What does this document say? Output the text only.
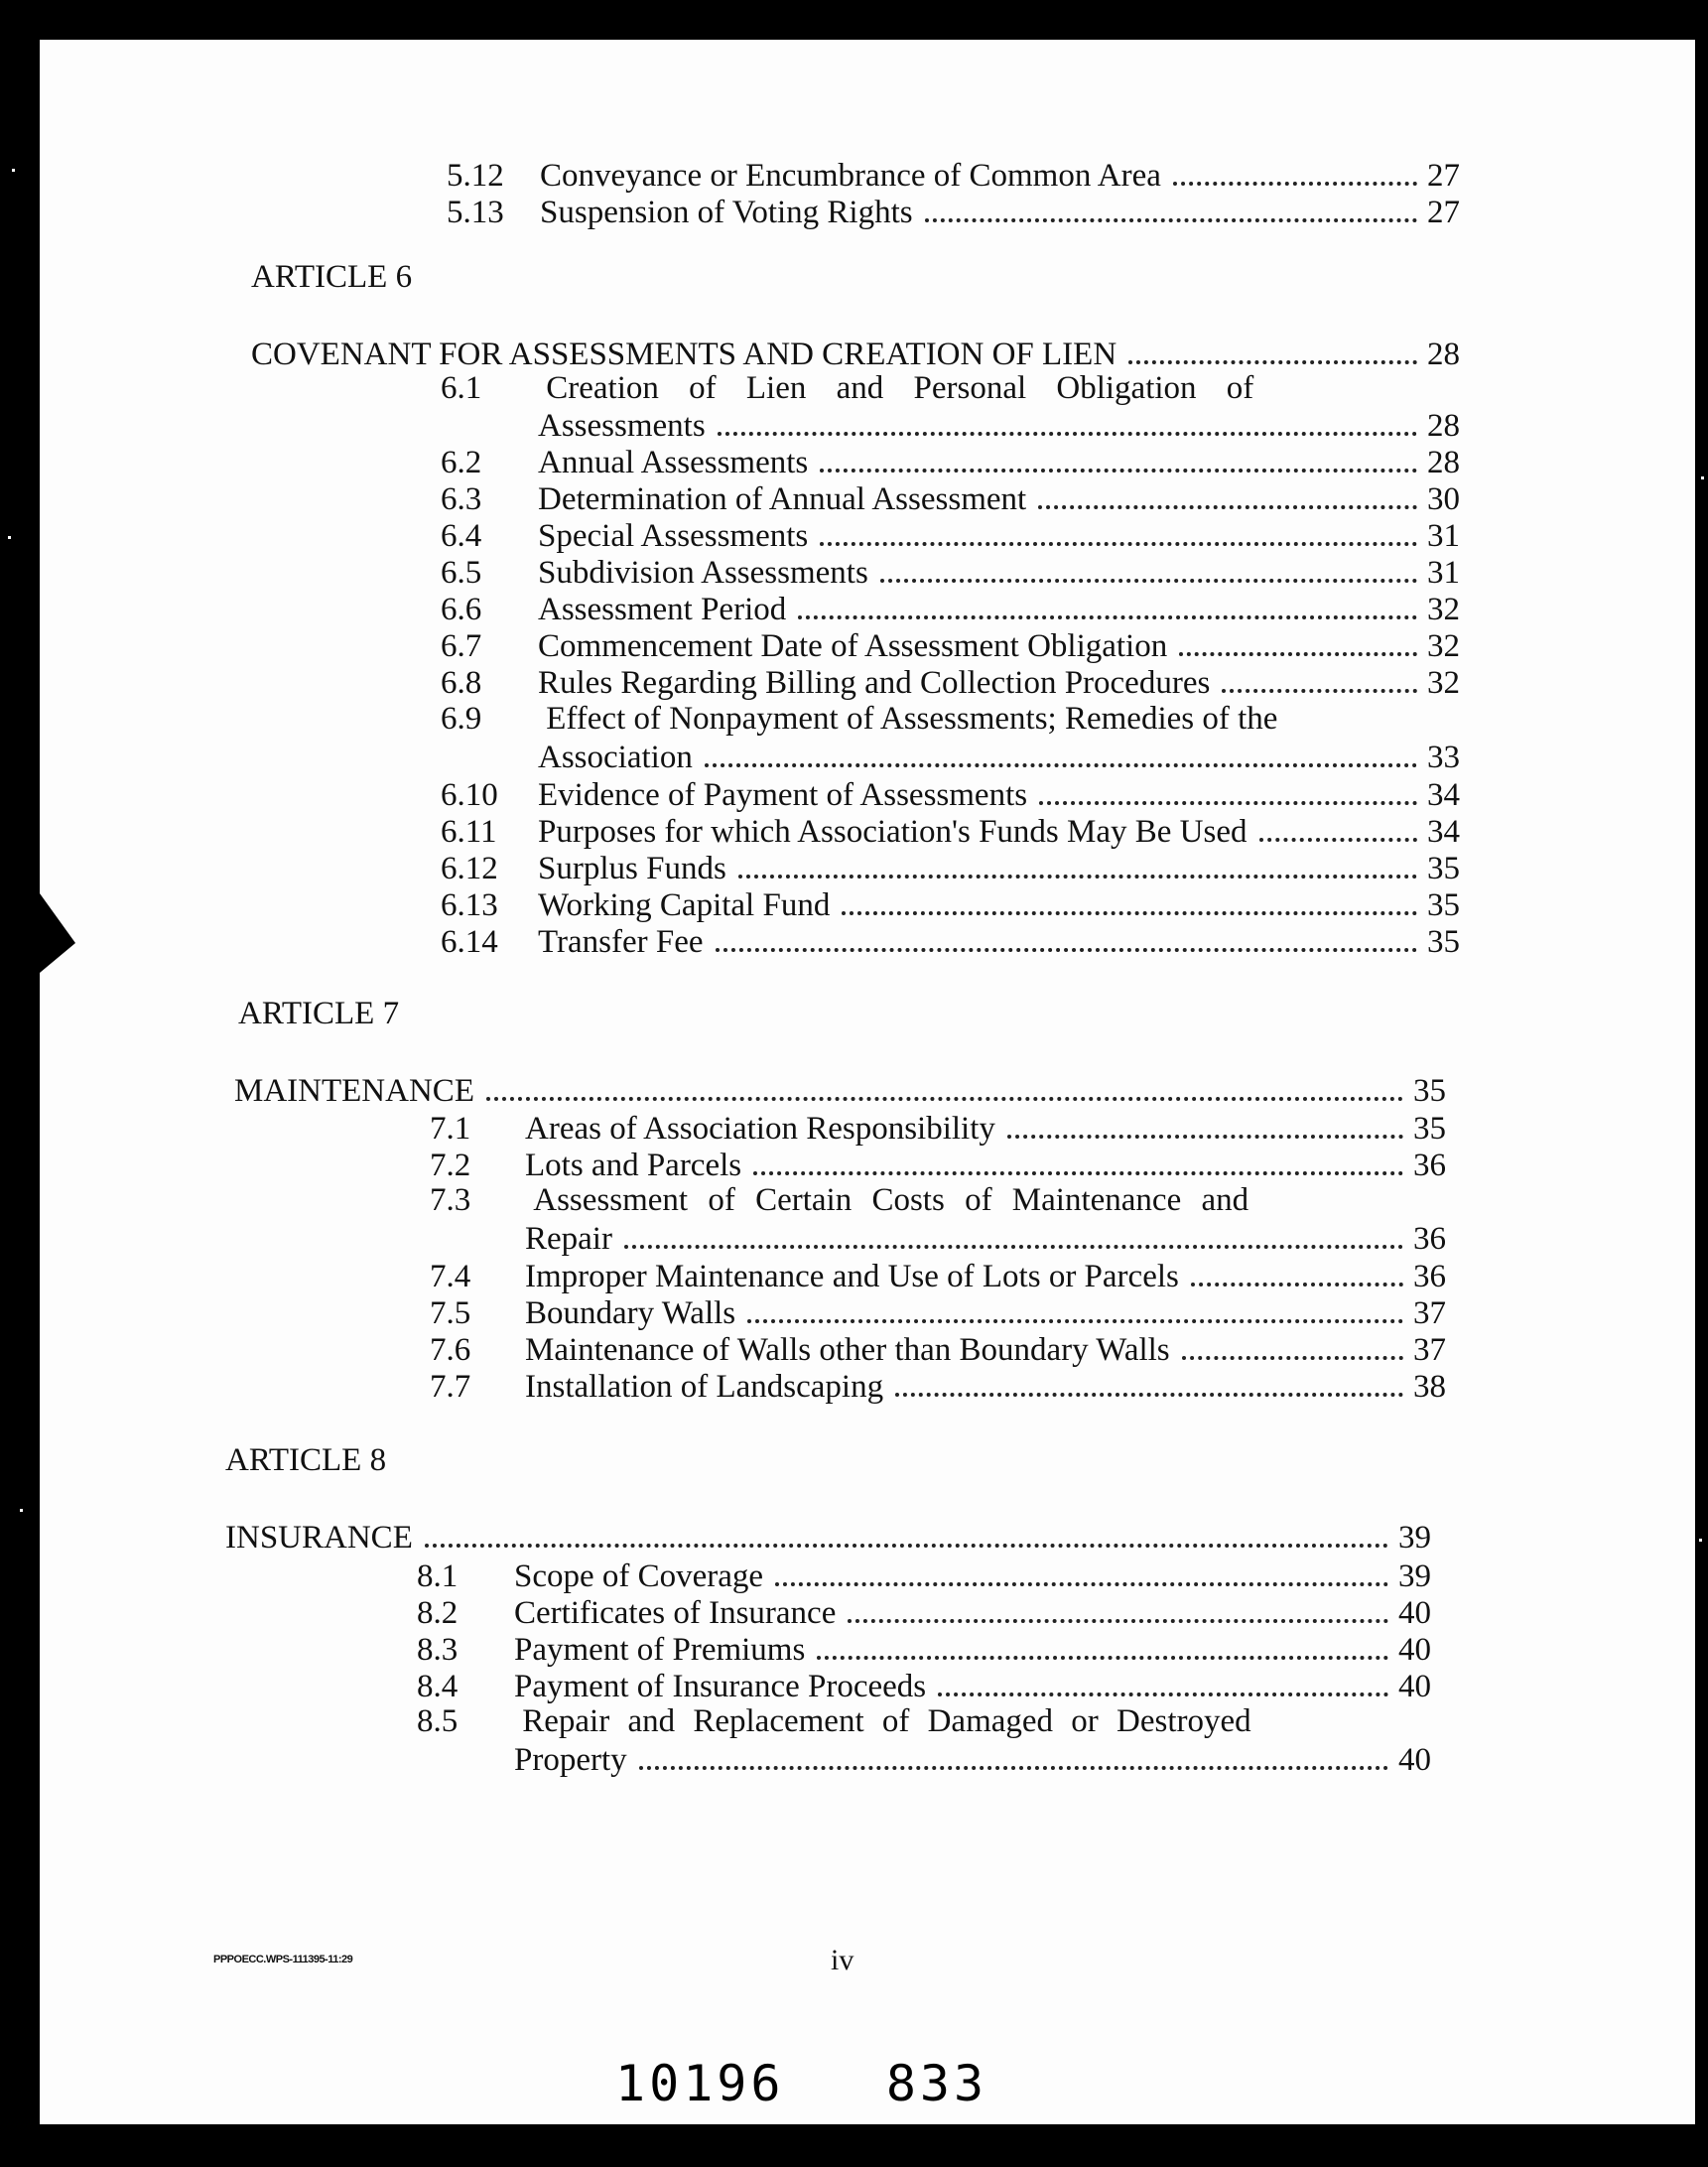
5.12	Conveyance or Encumbrance of Common Area	27
5.13	Suspension of Voting Rights	27
ARTICLE 6
COVENANT FOR ASSESSMENTS AND CREATION OF LIEN	28
6.1 Creation of Lien and Personal Obligation of
Assessments	28
6.2	Annual Assessments	28
6.3	Determination of Annual Assessment	30
6.4	Special Assessments	31
6.5	Subdivision Assessments	31
6.6	Assessment Period	32
6.7	Commencement Date of Assessment Obligation	32
6.8	Rules Regarding Billing and Collection Procedures	32
6.9 Effect of Nonpayment of Assessments; Remedies of the
Association	33
6.10	Evidence of Payment of Assessments	34
6.11	Purposes for which Association's Funds May Be Used	34
6.12	Surplus Funds	35
6.13	Working Capital Fund	35
6.14	Transfer Fee	35
ARTICLE 7
MAINTENANCE	35
7.1	Areas of Association Responsibility	35
7.2	Lots and Parcels	36
7.3 Assessment of Certain Costs of Maintenance and
Repair	36
7.4	Improper Maintenance and Use of Lots or Parcels	36
7.5	Boundary Walls	37
7.6	Maintenance of Walls other than Boundary Walls	37
7.7	Installation of Landscaping	38
ARTICLE 8
INSURANCE	39
8.1	Scope of Coverage	39
8.2	Certificates of Insurance	40
8.3	Payment of Premiums	40
8.4	Payment of Insurance Proceeds	40
8.5 Repair and Replacement of Damaged or Destroyed
Property	40
PPPOECC.WPS-111395-11:29	iv
10196   833
